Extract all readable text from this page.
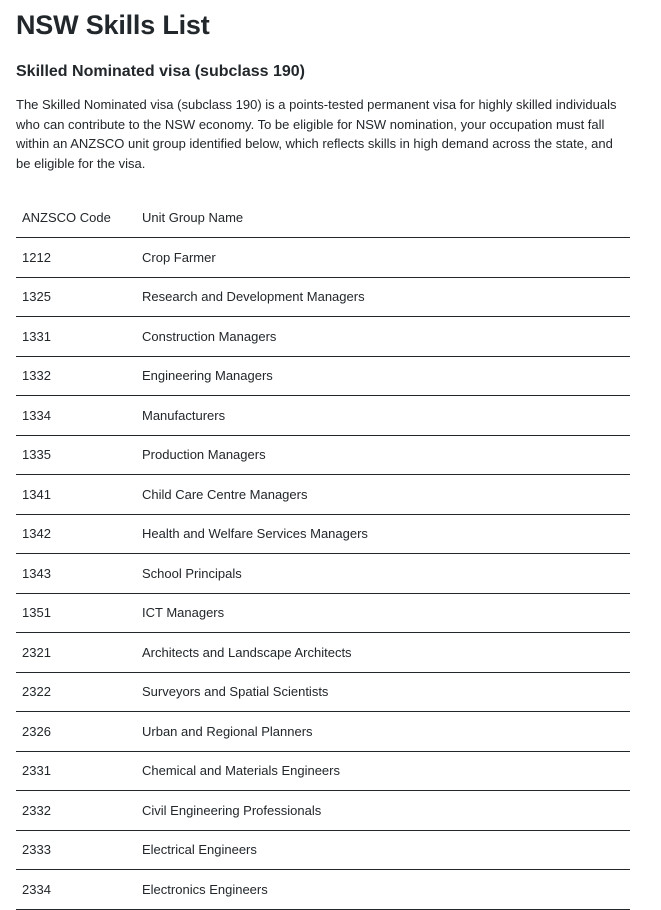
NSW Skills List
Skilled Nominated visa (subclass 190)

The Skilled Nominated visa (subclass 190) is a points-tested permanent visa for highly skilled individuals who can contribute to the NSW economy. To be eligible for NSW nomination, your occupation must fall within an ANZSCO unit group identified below, which reflects skills in high demand across the state, and be eligible for the visa.

ANZSCO Code	Unit Group Name
1212	Crop Farmer
1325	Research and Development Managers
1331	Construction Managers
1332	Engineering Managers
1334	Manufacturers
1335	Production Managers
1341	Child Care Centre Managers
1342	Health and Welfare Services Managers
1343	School Principals
1351	ICT Managers
2321	Architects and Landscape Architects
2322	Surveyors and Spatial Scientists
2326	Urban and Regional Planners
2331	Chemical and Materials Engineers
2332	Civil Engineering Professionals
2333	Electrical Engineers
2334	Electronics Engineers
